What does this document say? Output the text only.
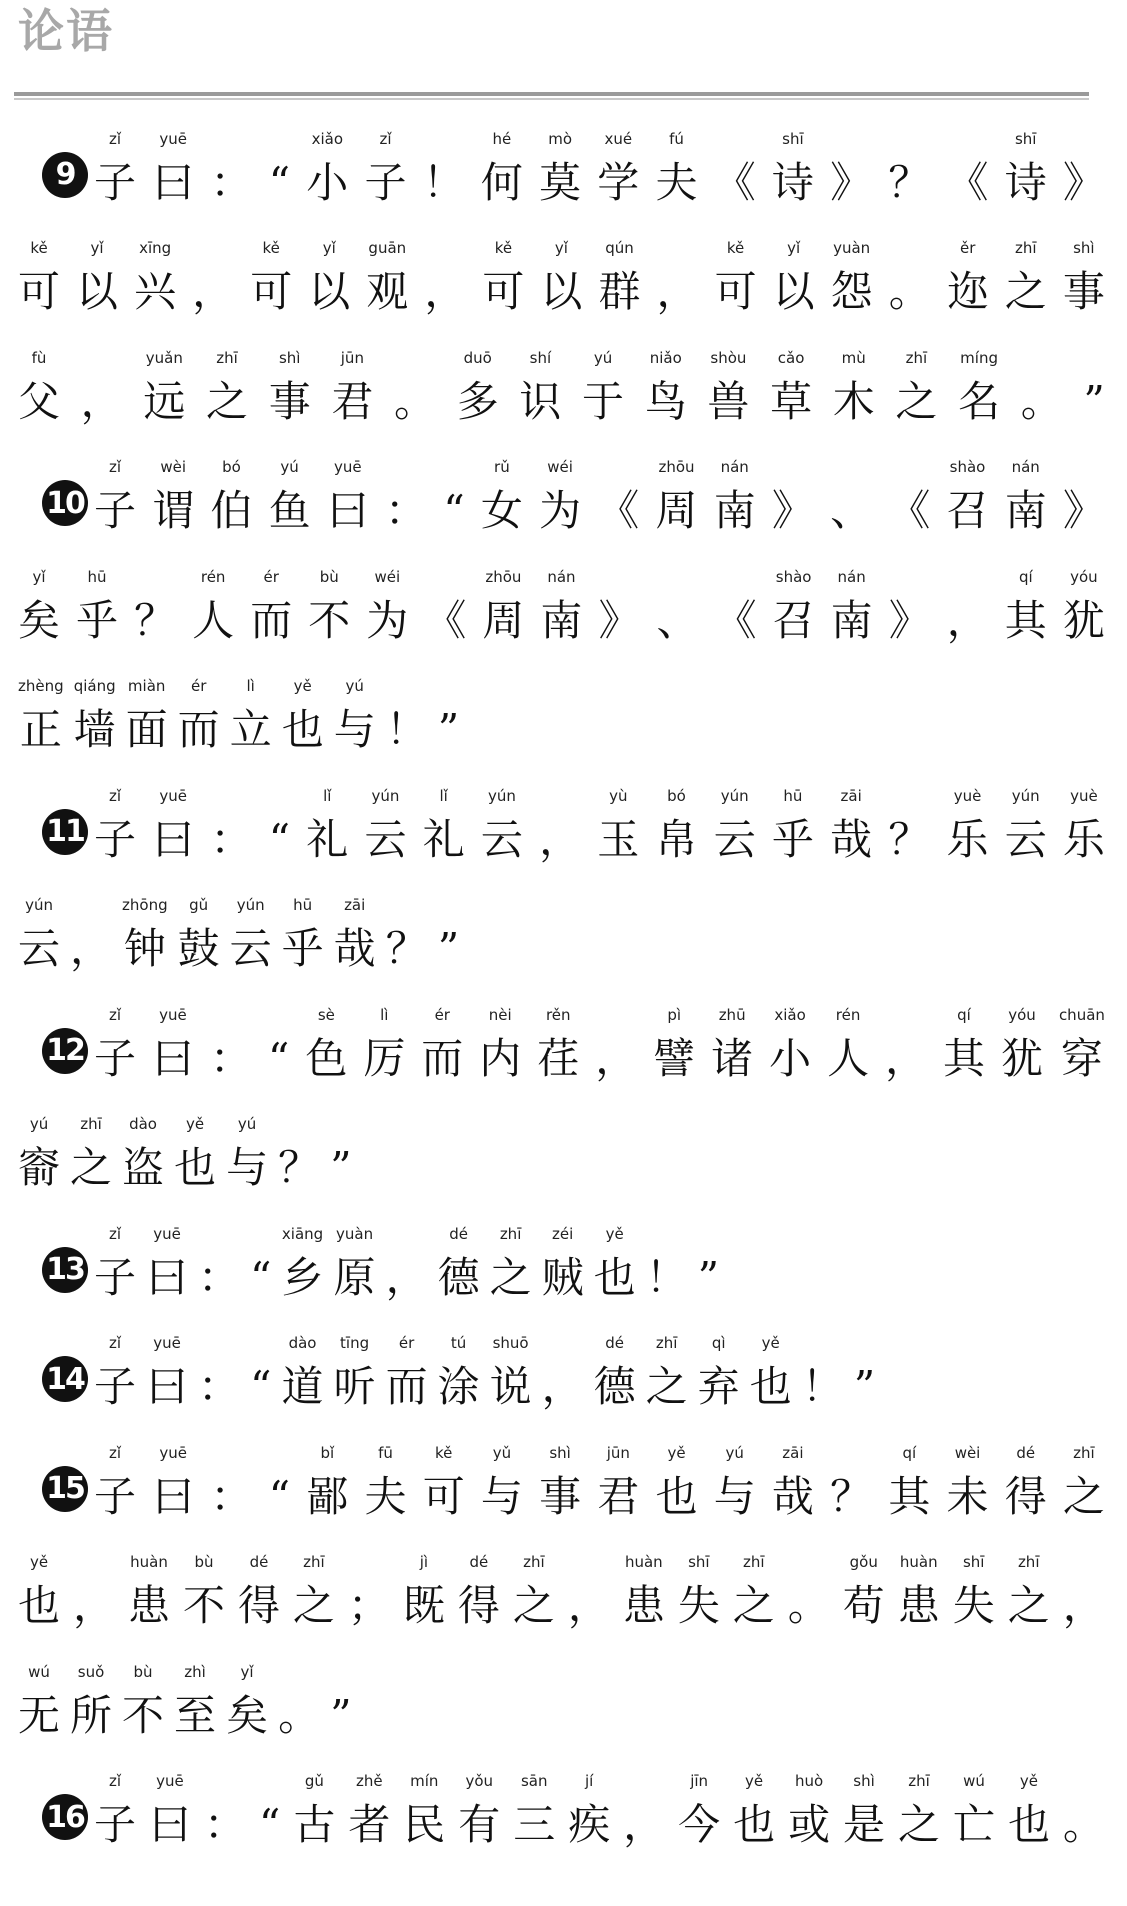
论语
9 子
zǐ
曰
yuē
： “ 小
xiǎo
子
zǐ
！ 何
hé
莫
mò
学
xué
夫
fú
《 诗
shī
》 ？ 《 诗
shī
》
可
kě
以
yǐ
兴
xīng
， 可
kě
以
yǐ
观
guān
， 可
kě
以
yǐ
群
qún
， 可
kě
以
yǐ
怨
yuàn
。 迩
ěr
之
zhī
事
shì
父
fù
， 远
yuǎn
之
zhī
事
shì
君
jūn
。 多
duō
识
shí
于
yú
鸟
niǎo
兽
shòu
草
cǎo
木
mù
之
zhī
名
míng
。 ”
10 子
zǐ
谓
wèi
伯
bó
鱼
yú
曰
yuē
： “ 女
rǔ
为
wéi
《 周
zhōu
南
nán
》 、 《 召
shào
南
nán
》
矣
yǐ
乎
hū
？ 人
rén
而
ér
不
bù
为
wéi
《 周
zhōu
南
nán
》 、 《 召
shào
南
nán
》 ， 其
qí
犹
yóu
正
zhèng
墙
qiáng
面
miàn
而
ér
立
lì
也
yě
与
yú
！ ”
11 子
zǐ
曰
yuē
： “ 礼
lǐ
云
yún
礼
lǐ
云
yún
， 玉
yù
帛
bó
云
yún
乎
hū
哉
zāi
？ 乐
yuè
云
yún
乐
yuè
云
yún
， 钟
zhōng
鼓
gǔ
云
yún
乎
hū
哉
zāi
？ ”
12 子
zǐ
曰
yuē
： “ 色
sè
厉
lì
而
ér
内
nèi
荏
rěn
， 譬
pì
诸
zhū
小
xiǎo
人
rén
， 其
qí
犹
yóu
穿
chuān
窬
yú
之
zhī
盗
dào
也
yě
与
yú
？ ”
13 子
zǐ
曰
yuē
： “ 乡
xiāng
原
yuàn
， 德
dé
之
zhī
贼
zéi
也
yě
！ ”
14 子
zǐ
曰
yuē
： “ 道
dào
听
tīng
而
ér
涂
tú
说
shuō
， 德
dé
之
zhī
弃
qì
也
yě
！ ”
15 子
zǐ
曰
yuē
： “ 鄙
bǐ
夫
fū
可
kě
与
yǔ
事
shì
君
jūn
也
yě
与
yú
哉
zāi
？ 其
qí
未
wèi
得
dé
之
zhī
也
yě
， 患
huàn
不
bù
得
dé
之
zhī
； 既
jì
得
dé
之
zhī
， 患
huàn
失
shī
之
zhī
。 苟
gǒu
患
huàn
失
shī
之
zhī
，
无
wú
所
suǒ
不
bù
至
zhì
矣
yǐ
。 ”
16 子
zǐ
曰
yuē
： “ 古
gǔ
者
zhě
民
mín
有
yǒu
三
sān
疾
jí
， 今
jīn
也
yě
或
huò
是
shì
之
zhī
亡
wú
也
yě
。
